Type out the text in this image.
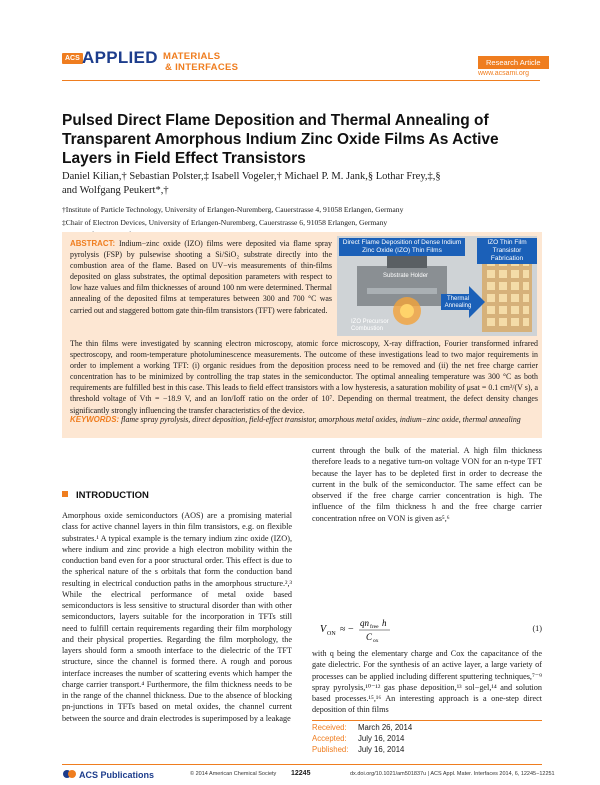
ACS APPLIED MATERIALS
& INTERFACES	Research Article
www.acsami.org
Pulsed Direct Flame Deposition and Thermal Annealing of Transparent Amorphous Indium Zinc Oxide Films As Active Layers in Field Effect Transistors
Daniel Kilian,† Sebastian Polster,‡ Isabell Vogeler,† Michael P. M. Jank,§ Lothar Frey,‡,§
and Wolfgang Peukert*,†
†Institute of Particle Technology, University of Erlangen-Nuremberg, Cauerstrasse 4, 91058 Erlangen, Germany
‡Chair of Electron Devices, University of Erlangen-Nuremberg, Cauerstrasse 6, 91058 Erlangen, Germany
ABSTRACT: Indium−zinc oxide (IZO) films were deposited via flame spray pyrolysis (FSP) by pulsewise shooting a Si/SiO₂ substrate directly into the combustion area of the flame. Based on UV−vis measurements of thin-films deposited on glass substrates, the optimal deposition parameters with respect to low haze values and film thicknesses of around 100 nm were determined. Thermal annealing of the deposited films at temperatures between 300 and 700 °C was carried out and staggered bottom gate thin-film transistors (TFT) were fabricated.
The thin films were investigated by scanning electron microscopy, atomic force microscopy, X-ray diffraction, Fourier transformed infrared spectroscopy, and room-temperature photoluminescence measurements. The outcome of these investigations lead to two major requirements in order to implement a working TFT: (i) organic residues from the deposition process need to be removed and (ii) the net free charge carrier concentration has to be minimized by controlling the trap states in the semiconductor. The optimal annealing temperature was 300 °C as both requirements are fulfilled best in this case. This leads to field effect transistors with a low hysteresis, a saturation mobility of μsat = 0.1 cm²/(V s), a threshold voltage of Vth = −18.9 V, and an Ion/Ioff ratio on the order of 10⁷. Depending on thermal treatment, the defect density changes significantly strongly influencing the transfer characteristics of the device.
KEYWORDS: flame spray pyrolysis, direct deposition, field-effect transistor, amorphous metal oxides, indium−zinc oxide, thermal annealing
Direct Flame Deposition of Dense Indium Zinc Oxide (IZO) Thin Films
IZO Thin Film Transistor Fabrication
Substrate Holder
IZO Precursor Combustion
Thermal Annealing
INTRODUCTION
Amorphous oxide semiconductors (AOS) are a promising material class for active channel layers in thin film transistors, e.g. on flexible substrates.¹ A typical example is the ternary indium zinc oxide (IZO), where indium and zinc provide a high electron mobility within the conduction band even for a poor structural order. This effect is due to the spherical nature of the s orbitals that form the conduction band resulting in electrical conduction paths in the amorphous structure.²,³ While the electrical performance of metal oxide based semiconductors is less sensitive to structural disorder than with other semiconductors, layers suitable for the incorporation in TFTs still need to fulfill certain requirements regarding their film morphology and their physical properties. Regarding the film morphology, the layers should form a smooth interface to the dielectric of the TFT structure, since the channel is formed there. A rough and porous interface increases the number of scattering events which hamper the charge carrier transport.⁴ Furthermore, the film thickness needs to be in the range of the channel thickness. Due to the absence of blocking pn-junctions in TFTs based on metal oxides, the channel current between the source and drain electrodes is superimposed by a leakage
current through the bulk of the material. A high film thickness therefore leads to a negative turn-on voltage VON for an n-type TFT because the layer has to be depleted first in order to decrease the current in the bulk of the semiconductor. The same effect can be observed if the free charge carrier concentration is high. The influence of the film thickness h and the free charge carrier concentration nfree on VON is given as⁵,⁶
V ON ≈ −
qn free h
C ox
(1)
with q being the elementary charge and Cox the capacitance of the gate dielectric. For the synthesis of an active layer, a large variety of processes can be applied including different sputtering techniques,⁷⁻⁹ spray pyrolysis,¹⁰⁻¹² gas phase deposition,¹³ sol−gel,¹⁴ and solution based processes.¹⁵,¹⁶ An interesting approach is a one-step direct deposition of thin films
Received: March 26, 2014
Accepted: July 16, 2014
Published: July 16, 2014
ACS Publications	© 2014 American Chemical Society 12245	dx.doi.org/10.1021/am501837u | ACS Appl. Mater. Interfaces 2014, 6, 12245−12251
